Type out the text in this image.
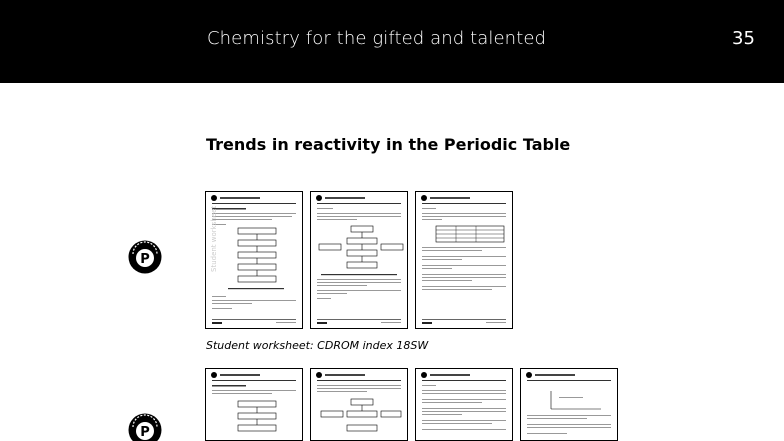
Chemistry for the gifted and talented	35
Trends in reactivity in the Periodic Table
P	Student worksheet
Student worksheet: CDROM index 18SW
P
